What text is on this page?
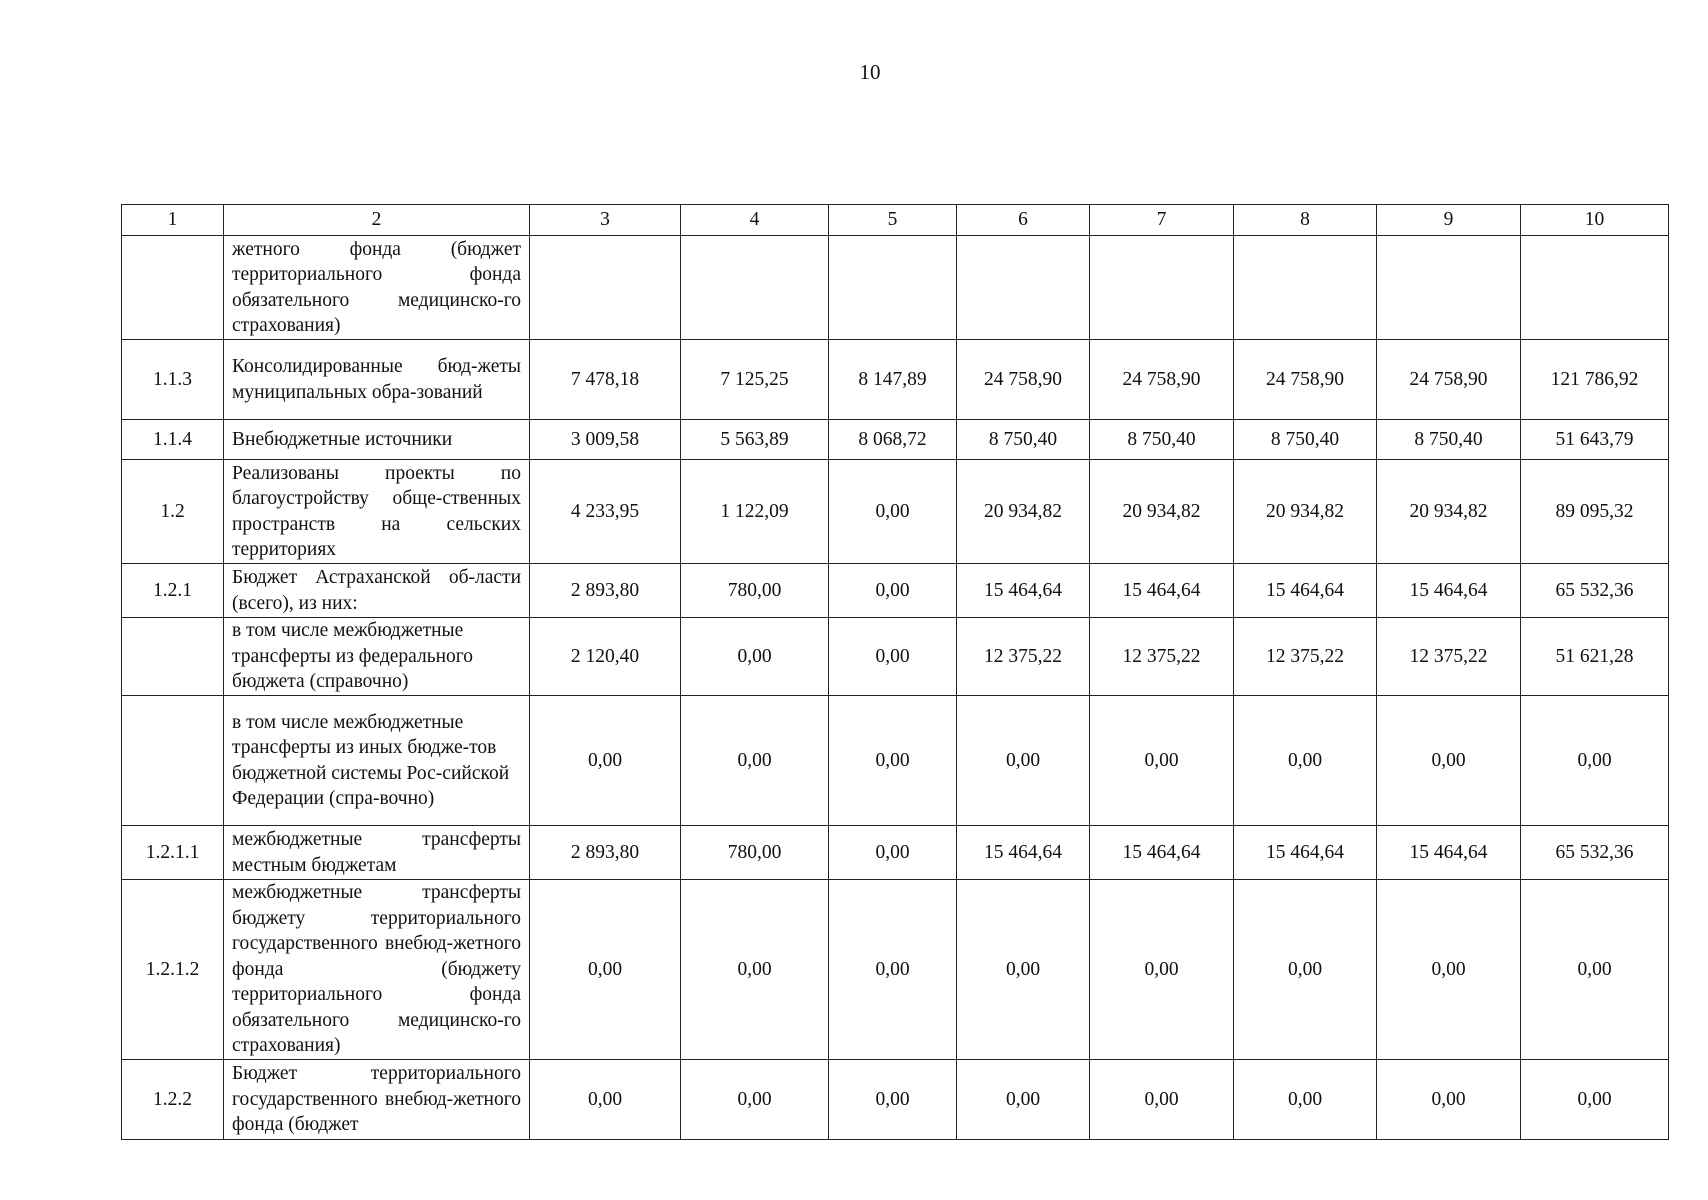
10
1	2	3	4	5	6	7	8	9	10
	жетного фонда (бюджет территориального фонда обязательного медицинско-го страхования)								
1.1.3	Консолидированные бюд-жеты муниципальных обра-зований	7 478,18	7 125,25	8 147,89	24 758,90	24 758,90	24 758,90	24 758,90	121 786,92
1.1.4	Внебюджетные источники	3 009,58	5 563,89	8 068,72	8 750,40	8 750,40	8 750,40	8 750,40	51 643,79
1.2	Реализованы проекты по благоустройству обще-ственных пространств на сельских территориях	4 233,95	1 122,09	0,00	20 934,82	20 934,82	20 934,82	20 934,82	89 095,32
1.2.1	Бюджет Астраханской об-ласти (всего), из них:	2 893,80	780,00	0,00	15 464,64	15 464,64	15 464,64	15 464,64	65 532,36
	в том числе межбюджетные трансферты из федерального бюджета (справочно)	2 120,40	0,00	0,00	12 375,22	12 375,22	12 375,22	12 375,22	51 621,28
	в том числе межбюджетные трансферты из иных бюдже-тов бюджетной системы Рос-сийской Федерации (спра-вочно)	0,00	0,00	0,00	0,00	0,00	0,00	0,00	0,00
1.2.1.1	межбюджетные трансферты местным бюджетам	2 893,80	780,00	0,00	15 464,64	15 464,64	15 464,64	15 464,64	65 532,36
1.2.1.2	межбюджетные трансферты бюджету территориального государственного внебюд-жетного фонда (бюджету территориального фонда обязательного медицинско-го страхования)	0,00	0,00	0,00	0,00	0,00	0,00	0,00	0,00
1.2.2	Бюджет территориального государственного внебюд-жетного фонда (бюджет	0,00	0,00	0,00	0,00	0,00	0,00	0,00	0,00
